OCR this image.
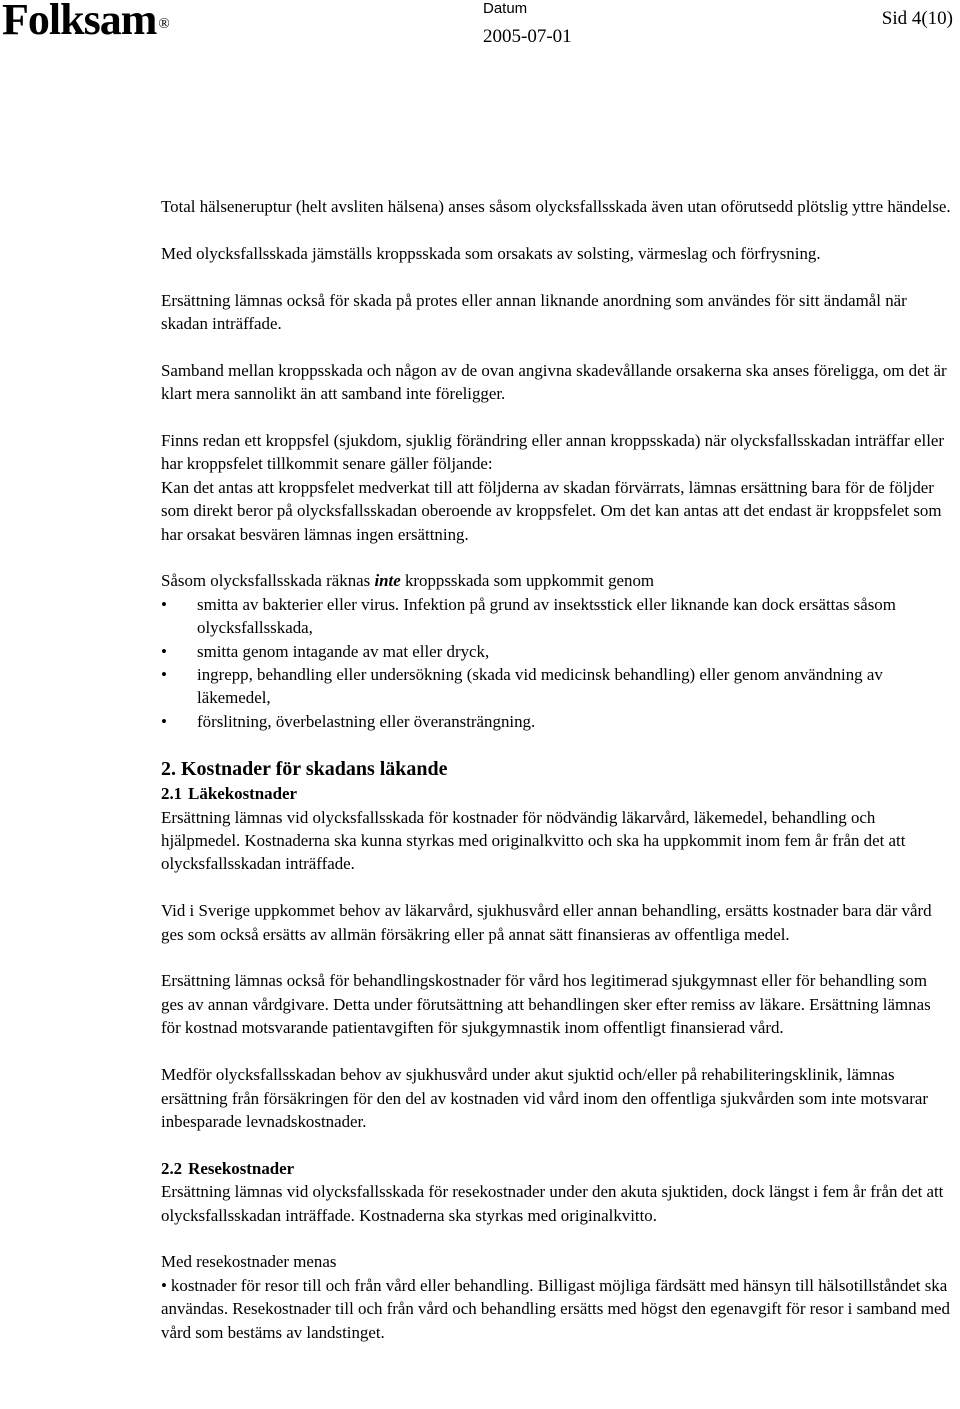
Folksam ®
Datum
2005-07-01
Sid 4(10)

Total hälseneruptur (helt avsliten hälsena) anses såsom olycksfallsskada även utan oförutsedd plötslig yttre händelse.

Med olycksfallsskada jämställs kroppsskada som orsakats av solsting, värmeslag och förfrysning.

Ersättning lämnas också för skada på protes eller annan liknande anordning som användes för sitt ändamål när skadan inträffade.

Samband mellan kroppsskada och någon av de ovan angivna skadevållande orsakerna ska anses föreligga, om det är klart mera sannolikt än att samband inte föreligger.

Finns redan ett kroppsfel (sjukdom, sjuklig förändring eller annan kroppsskada) när olycksfallsskadan inträffar eller har kroppsfelet tillkommit senare gäller följande:

Kan det antas att kroppsfelet medverkat till att följderna av skadan förvärrats, lämnas ersättning bara för de följder som direkt beror på olycksfallsskadan oberoende av kroppsfelet. Om det kan antas att det endast är kroppsfelet som har orsakat besvären lämnas ingen ersättning.

Såsom olycksfallsskada räknas inte kroppsskada som uppkommit genom

• smitta av bakterier eller virus. Infektion på grund av insektsstick eller liknande kan dock ersättas såsom olycksfallsskada,
• smitta genom intagande av mat eller dryck,
• ingrepp, behandling eller undersökning (skada vid medicinsk behandling) eller genom användning av läkemedel,
• förslitning, överbelastning eller överansträngning.
2. Kostnader för skadans läkande
2.1 Läkekostnader

Ersättning lämnas vid olycksfallsskada för kostnader för nödvändig läkarvård, läkemedel, behandling och hjälpmedel. Kostnaderna ska kunna styrkas med originalkvitto och ska ha uppkommit inom fem år från det att olycksfallsskadan inträffade.

Vid i Sverige uppkommet behov av läkarvård, sjukhusvård eller annan behandling, ersätts kostnader bara där vård ges som också ersätts av allmän försäkring eller på annat sätt finansieras av offentliga medel.

Ersättning lämnas också för behandlingskostnader för vård hos legitimerad sjukgymnast eller för behandling som ges av annan vårdgivare. Detta under förutsättning att behandlingen sker efter remiss av läkare. Ersättning lämnas för kostnad motsvarande patientavgiften för sjukgymnastik inom offentligt finansierad vård.

Medför olycksfallsskadan behov av sjukhusvård under akut sjuktid och/eller på rehabiliteringsklinik, lämnas ersättning från försäkringen för den del av kostnaden vid vård inom den offentliga sjukvården som inte motsvarar inbesparade levnadskostnader.

2.2 Resekostnader

Ersättning lämnas vid olycksfallsskada för resekostnader under den akuta sjuktiden, dock längst i fem år från det att olycksfallsskadan inträffade. Kostnaderna ska styrkas med originalkvitto.

Med resekostnader menas

• kostnader för resor till och från vård eller behandling. Billigast möjliga färdsätt med hänsyn till hälsotillståndet ska användas. Resekostnader till och från vård och behandling ersätts med högst den egenavgift för resor i samband med vård som bestäms av landstinget.
